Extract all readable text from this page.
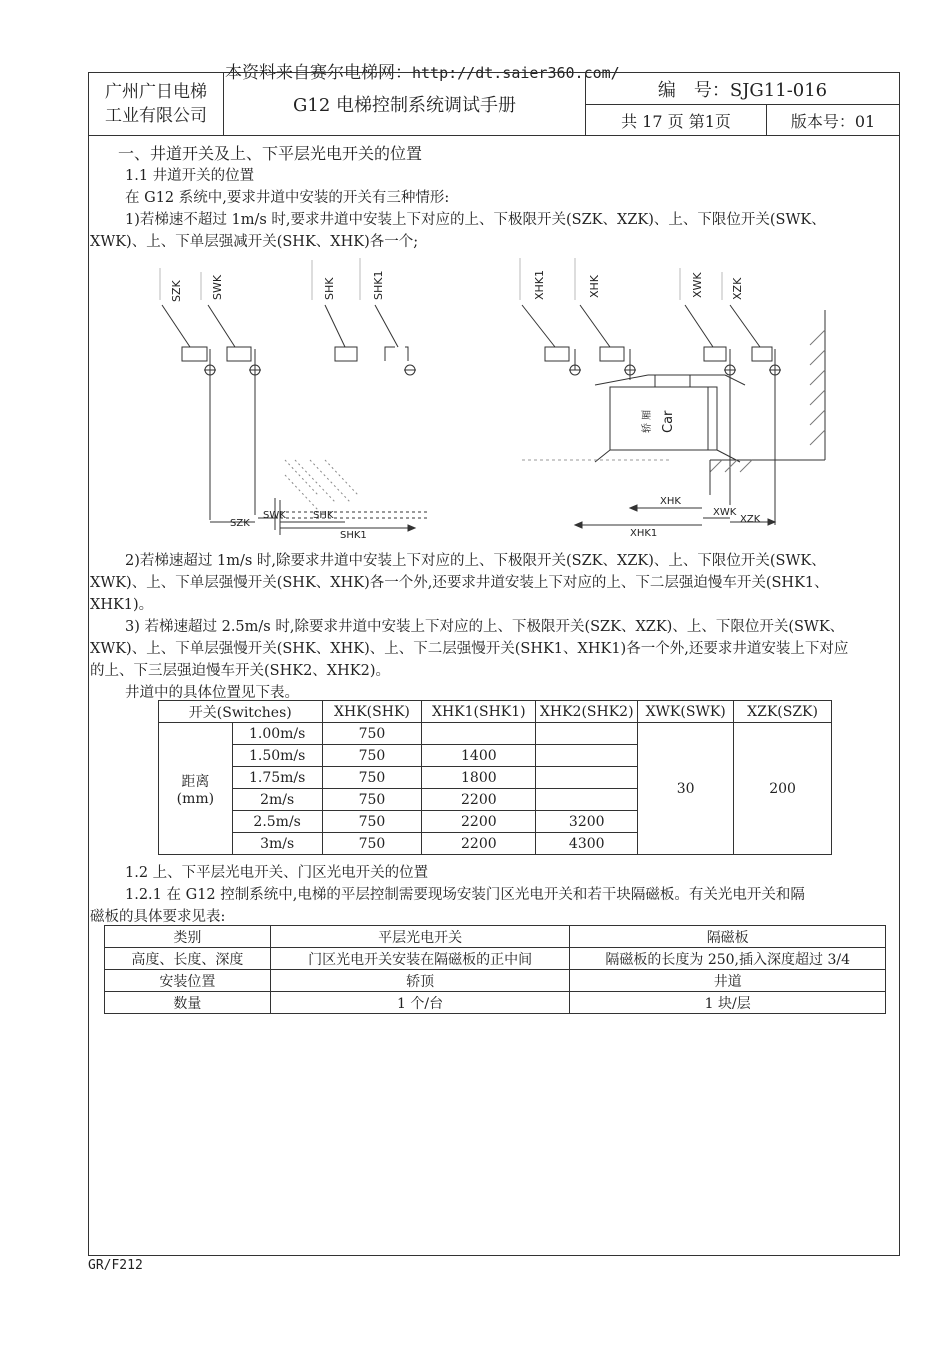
本资料来自赛尔电梯网：http://dt.saier360.com/
广州广日电梯
工业有限公司	G12 电梯控制系统调试手册
编　号：SJG11-016
共 17 页 第1页	版本号：01
一、井道开关及上、下平层光电开关的位置
1.1 井道开关的位置
在 G12 系统中,要求井道中安装的开关有三种情形:
1)若梯速不超过 1m/s 时,要求井道中安装上下对应的上、下极限开关(SZK、XZK)、上、下限位开关(SWK、
XWK)、上、下单层强减开关(SHK、XHK)各一个;
SZK	SWK	SHK	SHK1	XHK1	XHK	XWK XZK
SZK
SWK	SHK
SHK1
XHK
XWK
XZK
XHK1
Car
轿 厢
2)若梯速超过 1m/s 时,除要求井道中安装上下对应的上、下极限开关(SZK、XZK)、上、下限位开关(SWK、
XWK)、上、下单层强慢开关(SHK、XHK)各一个外,还要求井道安装上下对应的上、下二层强迫慢车开关(SHK1、
XHK1)。
3) 若梯速超过 2.5m/s 时,除要求井道中安装上下对应的上、下极限开关(SZK、XZK)、上、下限位开关(SWK、
XWK)、上、下单层强慢开关(SHK、XHK)、上、下二层强慢开关(SHK1、XHK1)各一个外,还要求井道安装上下对应
的上、下三层强迫慢车开关(SHK2、XHK2)。
井道中的具体位置见下表。
开关(Switches)		XHK(SHK)	XHK1(SHK1)	XHK2(SHK2)	XWK(SWK)	XZK(SZK)

距离
(mm)	1.00m/s	750			30	200
	1.50m/s	750	1400			
	1.75m/s	750	1800			
	2m/s	750	2200			
	2.5m/s	750	2200	3200		
	3m/s	750	2200	4300		
1.2 上、下平层光电开关、门区光电开关的位置
1.2.1 在 G12 控制系统中,电梯的平层控制需要现场安装门区光电开关和若干块隔磁板。有关光电开关和隔
磁板的具体要求见表:
类别	平层光电开关	隔磁板
高度、长度、深度	门区光电开关安装在隔磁板的正中间	隔磁板的长度为 250,插入深度超过 3/4
安装位置	轿顶	井道
数量	1 个/台	1 块/层
GR/F212
